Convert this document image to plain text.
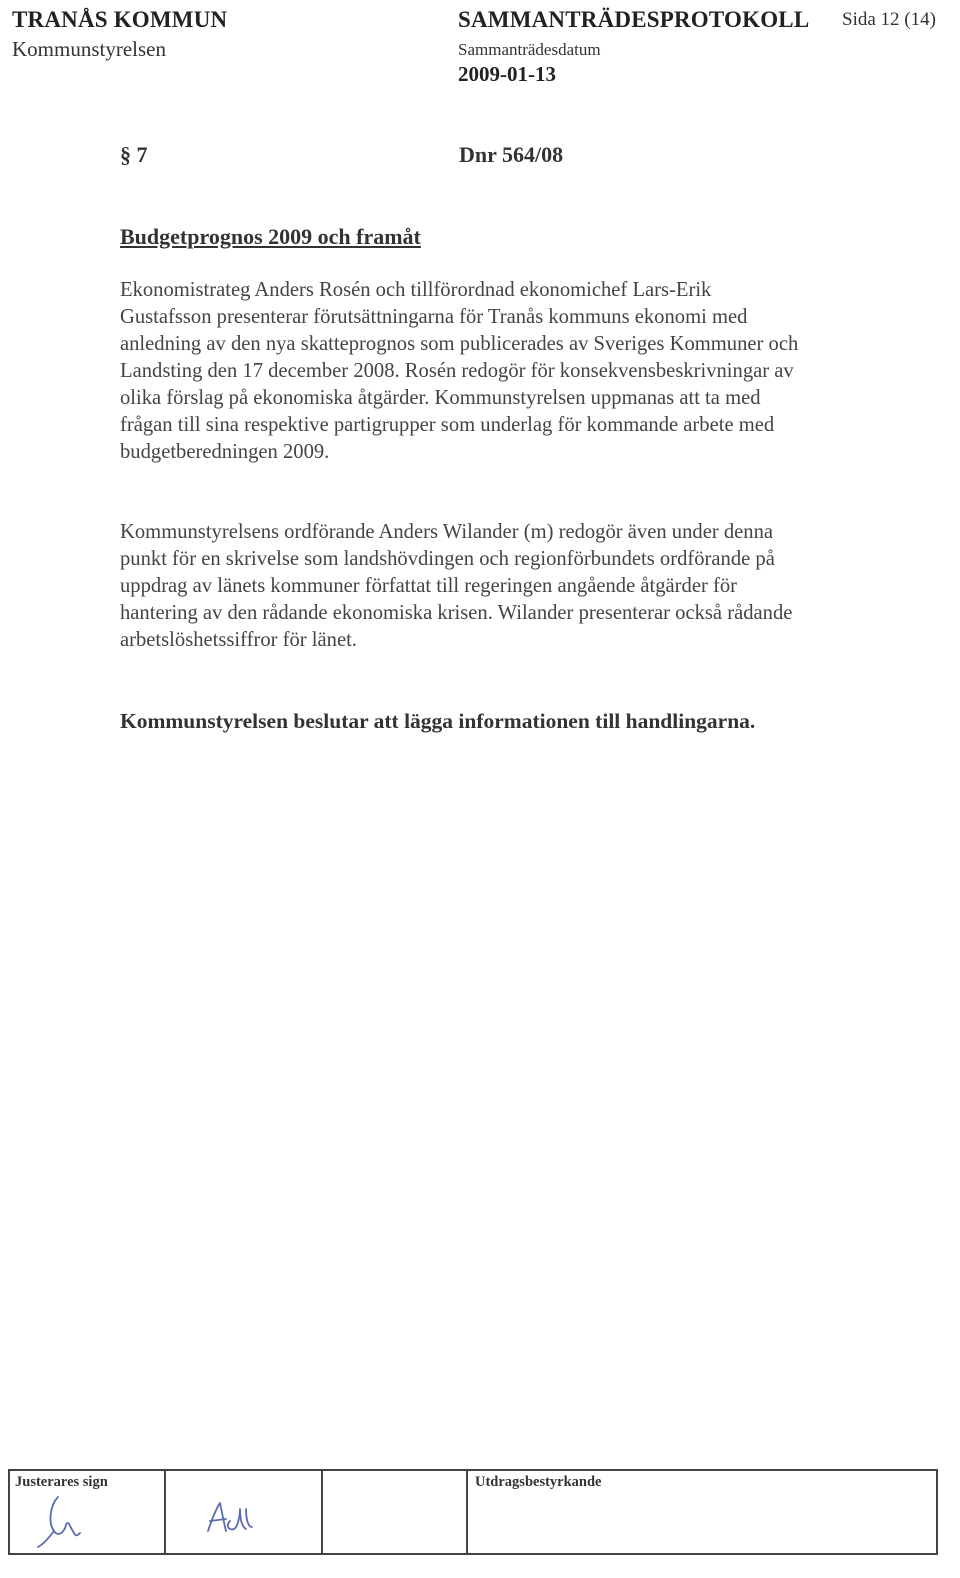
TRANÅS KOMMUN
Kommunstyrelsen
SAMMANTRÄDESPROTOKOLL Sida 12 (14)
Sammanträdesdatum
2009-01-13
§ 7	Dnr 564/08
Budgetprognos 2009 och framåt

Ekonomistrateg Anders Rosén och tillförordnad ekonomichef Lars-Erik Gustafsson presenterar förutsättningarna för Tranås kommuns ekonomi med anledning av den nya skatteprognos som publicerades av Sveriges Kommuner och Landsting den 17 december 2008. Rosén redogör för konsekvensbeskrivningar av olika förslag på ekonomiska åtgärder. Kommunstyrelsen uppmanas att ta med frågan till sina respektive partigrupper som underlag för kommande arbete med budgetberedningen 2009.

Kommunstyrelsens ordförande Anders Wilander (m) redogör även under denna punkt för en skrivelse som landshövdingen och regionförbundets ordförande på uppdrag av länets kommuner författat till regeringen angående åtgärder för hantering av den rådande ekonomiska krisen. Wilander presenterar också rådande arbetslöshetssiffror för länet.

Kommunstyrelsen beslutar att lägga informationen till handlingarna.

Justerares sign	Utdragsbestyrkande
